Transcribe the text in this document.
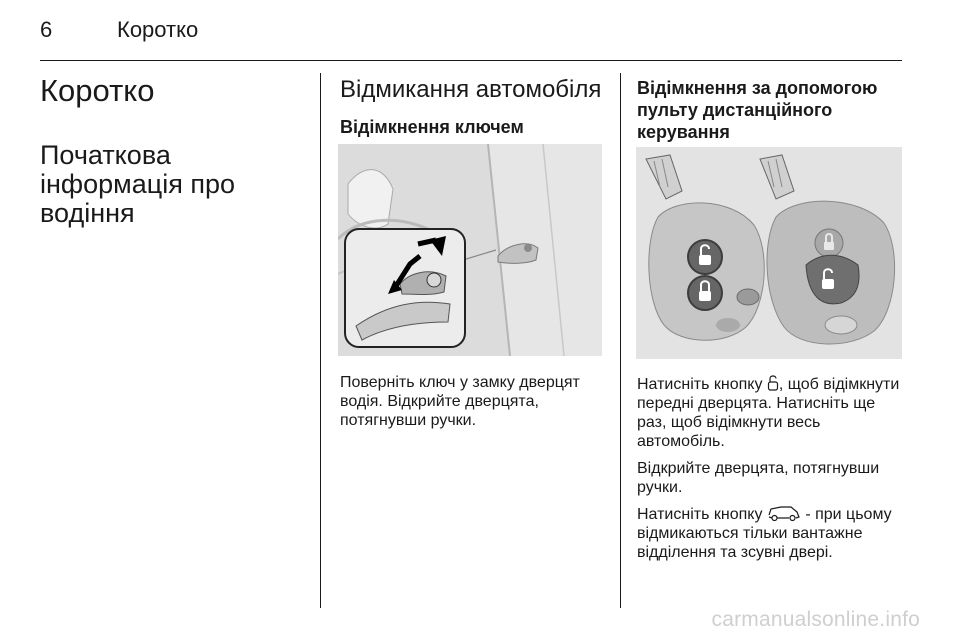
6	Коротко
Коротко
Початкова інформація про водіння
Відмикання автомобіля
Відімкнення ключем
Поверніть ключ у замку дверцят водія. Відкрийте дверцята, потягнувши ручки.
Відімкнення за допомогою пульту дистанційного керування

Натисніть кнопку , щоб відімкнути передні дверцята. Натисніть ще раз, щоб відімкнути весь автомобіль.

Відкрийте дверцята, потягнувши ручки.

Натисніть кнопку  - при цьому відмикаються тільки вантажне відділення та зсувні двері.

carmanualsonline.info
